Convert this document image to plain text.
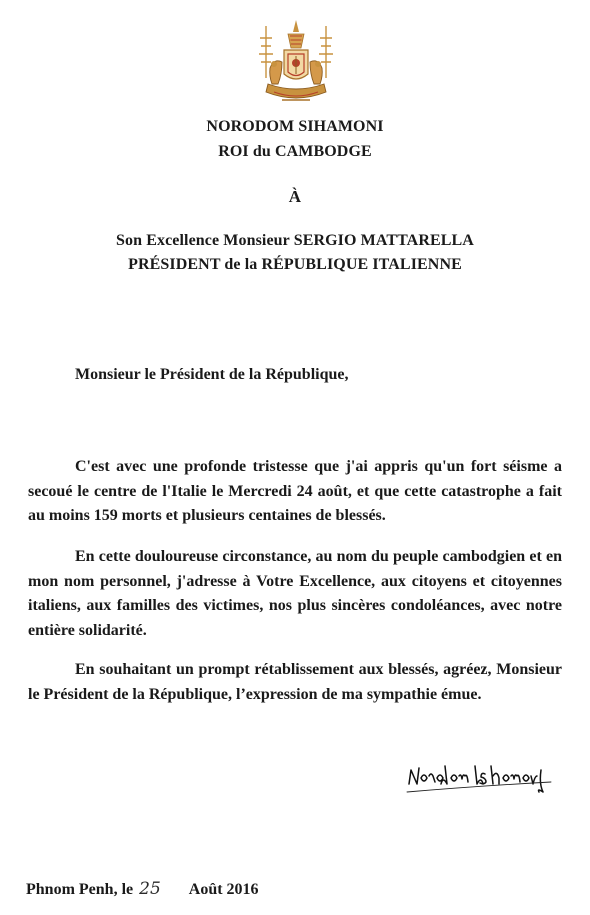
NORODOM SIHAMONI
ROI du CAMBODGE
À
Son Excellence Monsieur SERGIO MATTARELLA
PRÉSIDENT de la RÉPUBLIQUE ITALIENNE
Monsieur le Président de la République,

C'est avec une profonde tristesse que j'ai appris qu'un fort séisme a secoué le centre de l'Italie le Mercredi 24 août, et que cette catastrophe a fait au moins 159 morts et plusieurs centaines de blessés.

En cette douloureuse circonstance, au nom du peuple cambodgien et en mon nom personnel, j'adresse à Votre Excellence, aux citoyens et citoyennes italiens, aux familles des victimes, nos plus sincères condoléances, avec notre entière solidarité.

En souhaitant un prompt rétablissement aux blessés, agréez, Monsieur le Président de la République, l’expression de ma sympathie émue.

Phnom Penh, le 25 Août 2016
